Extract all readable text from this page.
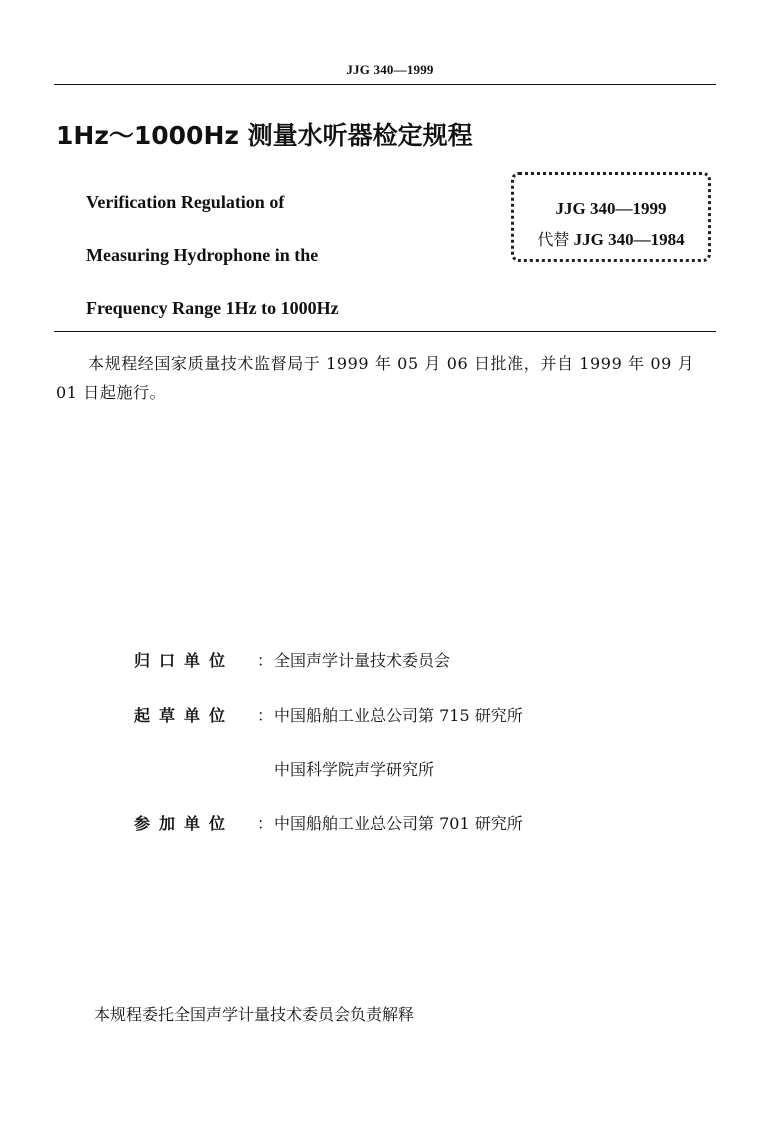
JJG 340—1999
1Hz～1000Hz 测量水听器检定规程
Verification Regulation of
Measuring Hydrophone in the
Frequency Range 1Hz to 1000Hz
JJG 340—1999
代替 JJG 340—1984
本规程经国家质量技术监督局于 1999 年 05 月 06 日批准，并自 1999 年 09 月 01 日起施行。
归口单位	： 全国声学计量技术委员会
起草单位	： 中国船舶工业总公司第 715 研究所
中国科学院声学研究所
参加单位	： 中国船舶工业总公司第 701 研究所
本规程委托全国声学计量技术委员会负责解释
